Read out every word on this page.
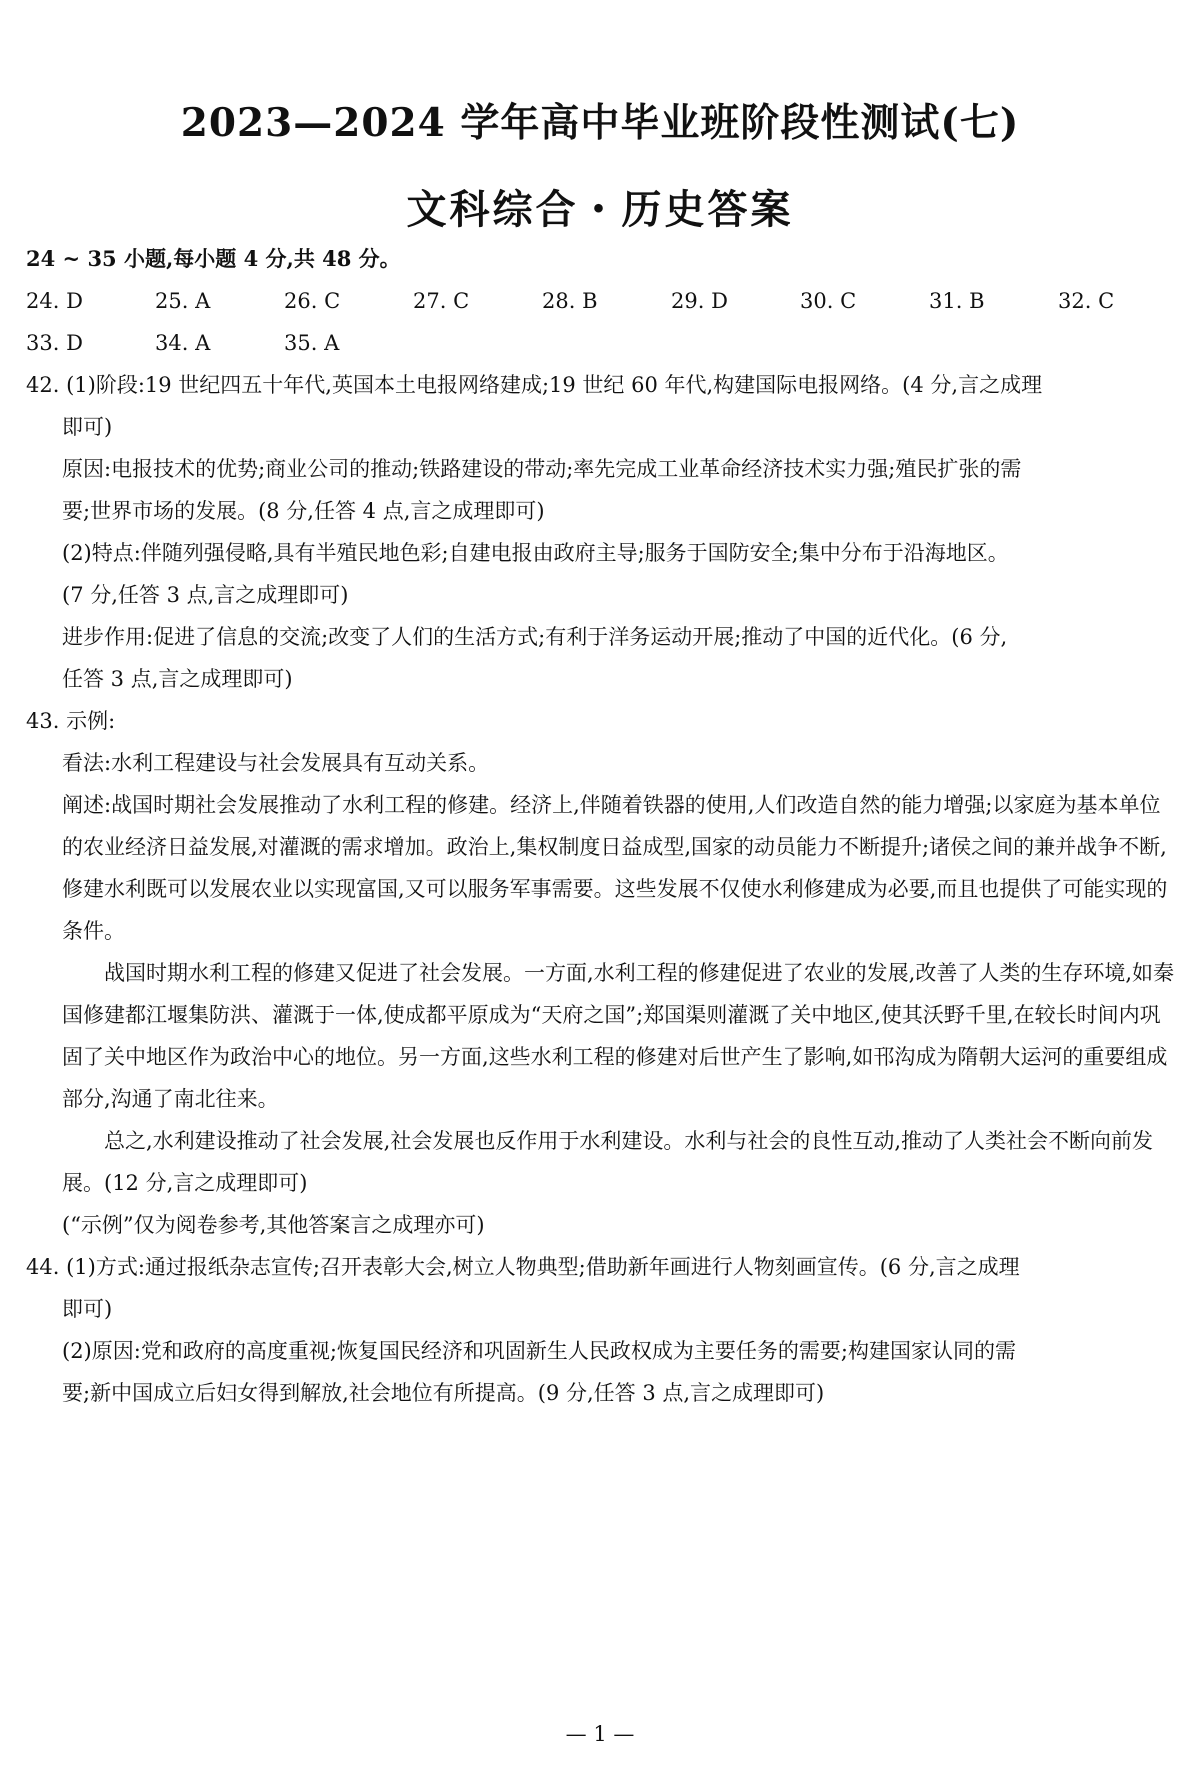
2023—2024 学年高中毕业班阶段性测试(七)
文科综合・历史答案
24 ~ 35 小题,每小题 4 分,共 48 分。
24. D	25. A	26. C	27. C	28. B	29. D	30. C	31. B	32. C
33. D	34. A	35. A
42. (1)阶段:19 世纪四五十年代,英国本土电报网络建成;19 世纪 60 年代,构建国际电报网络。(4 分,言之成理
即可)
原因:电报技术的优势;商业公司的推动;铁路建设的带动;率先完成工业革命经济技术实力强;殖民扩张的需
要;世界市场的发展。(8 分,任答 4 点,言之成理即可)
(2)特点:伴随列强侵略,具有半殖民地色彩;自建电报由政府主导;服务于国防安全;集中分布于沿海地区。
(7 分,任答 3 点,言之成理即可)
进步作用:促进了信息的交流;改变了人们的生活方式;有利于洋务运动开展;推动了中国的近代化。(6 分,
任答 3 点,言之成理即可)
43. 示例:
看法:水利工程建设与社会发展具有互动关系。
阐述:战国时期社会发展推动了水利工程的修建。经济上,伴随着铁器的使用,人们改造自然的能力增强;以家庭为基本单位的农业经济日益发展,对灌溉的需求增加。政治上,集权制度日益成型,国家的动员能力不断提升;诸侯之间的兼并战争不断,修建水利既可以发展农业以实现富国,又可以服务军事需要。这些发展不仅使水利修建成为必要,而且也提供了可能实现的条件。
战国时期水利工程的修建又促进了社会发展。一方面,水利工程的修建促进了农业的发展,改善了人类的生存环境,如秦国修建都江堰集防洪、灌溉于一体,使成都平原成为“天府之国”;郑国渠则灌溉了关中地区,使其沃野千里,在较长时间内巩固了关中地区作为政治中心的地位。另一方面,这些水利工程的修建对后世产生了影响,如邗沟成为隋朝大运河的重要组成部分,沟通了南北往来。
总之,水利建设推动了社会发展,社会发展也反作用于水利建设。水利与社会的良性互动,推动了人类社会不断向前发展。(12 分,言之成理即可)
(“示例”仅为阅卷参考,其他答案言之成理亦可)
44. (1)方式:通过报纸杂志宣传;召开表彰大会,树立人物典型;借助新年画进行人物刻画宣传。(6 分,言之成理
即可)
(2)原因:党和政府的高度重视;恢复国民经济和巩固新生人民政权成为主要任务的需要;构建国家认同的需
要;新中国成立后妇女得到解放,社会地位有所提高。(9 分,任答 3 点,言之成理即可)
— 1 —
